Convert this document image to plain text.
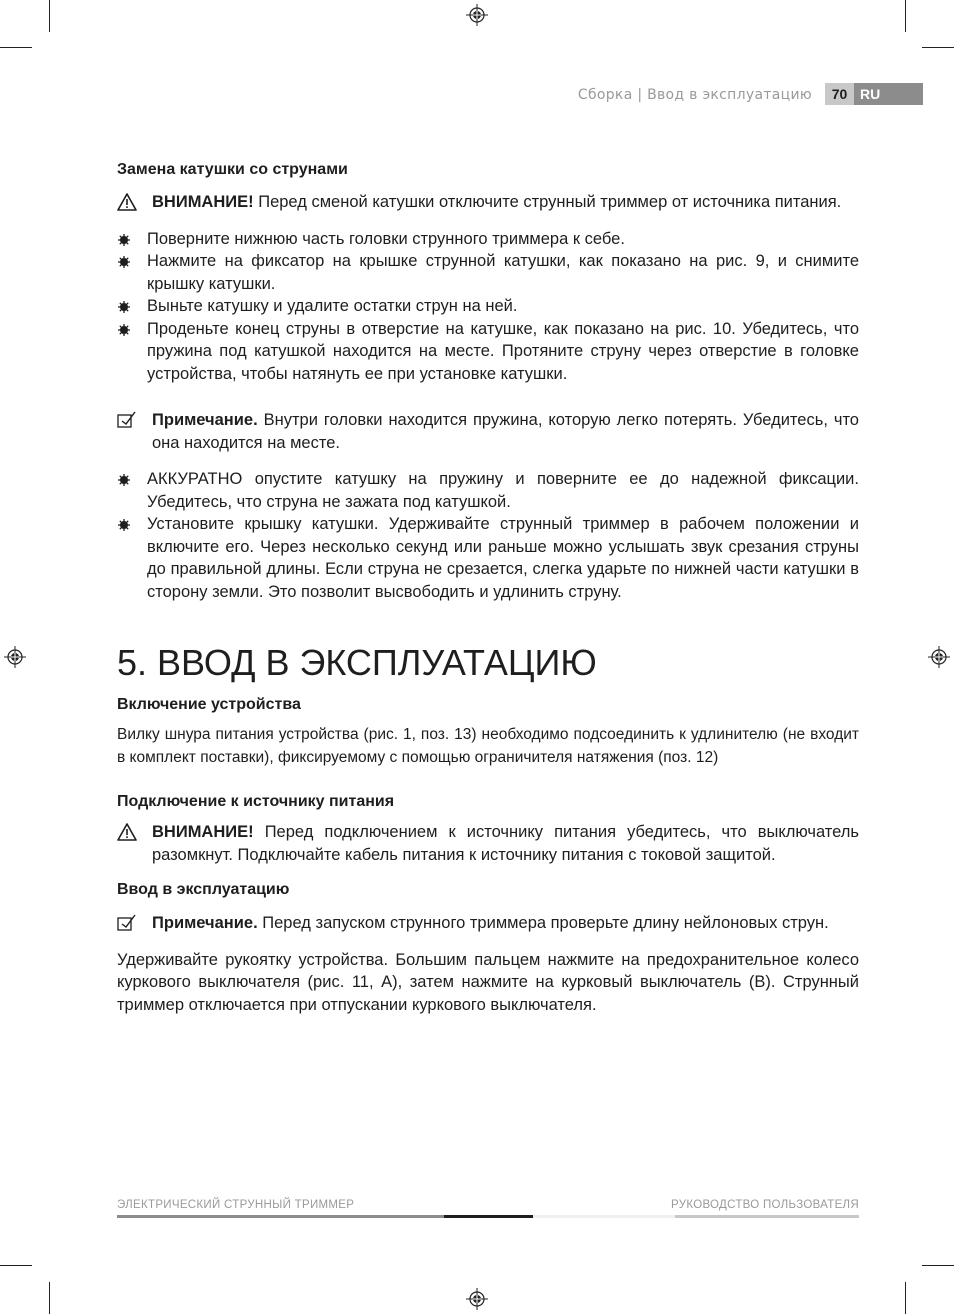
Сборка | Ввод в эксплуатацию	70 RU

Замена катушки со струнами

ВНИМАНИЕ! Перед сменой катушки отключите струнный триммер от источника питания.
Поверните нижнюю часть головки струнного триммера к себе.
Нажмите на фиксатор на крышке струнной катушки, как показано на рис. 9, и снимите крышку катушки.
Выньте катушку и удалите остатки струн на ней.
Проденьте конец струны в отверстие на катушке, как показано на рис. 10. Убедитесь, что пружина под катушкой находится на месте. Протяните струну через отверстие в головке устройства, чтобы натянуть ее при установке катушки.
Примечание. Внутри головки находится пружина, которую легко потерять. Убедитесь, что она находится на месте.
АККУРАТНО опустите катушку на пружину и поверните ее до надежной фиксации. Убедитесь, что струна не зажата под катушкой.
Установите крышку катушки. Удерживайте струнный триммер в рабочем положении и включите его. Через несколько секунд или раньше можно услышать звук срезания струны до правильной длины. Если струна не срезается, слегка ударьте по нижней части катушки в сторону земли. Это позволит высвободить и удлинить струну.
5. ВВОД В ЭКСПЛУАТАЦИЮ

Включение устройства

Вилку шнура питания устройства (рис. 1, поз. 13) необходимо подсоединить к удлинителю (не входит в комплект поставки), фиксируемому с помощью ограничителя натяжения (поз. 12)

Подключение к источнику питания

ВНИМАНИЕ! Перед подключением к источнику питания убедитесь, что выключатель разомкнут. Подключайте кабель питания к источнику питания с токовой защитой.

Ввод в эксплуатацию

Примечание. Перед запуском струнного триммера проверьте длину нейлоновых струн.

Удерживайте рукоятку устройства. Большим пальцем нажмите на предохранительное колесо куркового выключателя (рис. 11, A), затем нажмите на курковый выключатель (B). Струнный триммер отключается при отпускании куркового выключателя.

ЭЛЕКТРИЧЕСКИЙ СТРУННЫЙ ТРИММЕР	РУКОВОДСТВО ПОЛЬЗОВАТЕЛЯ
